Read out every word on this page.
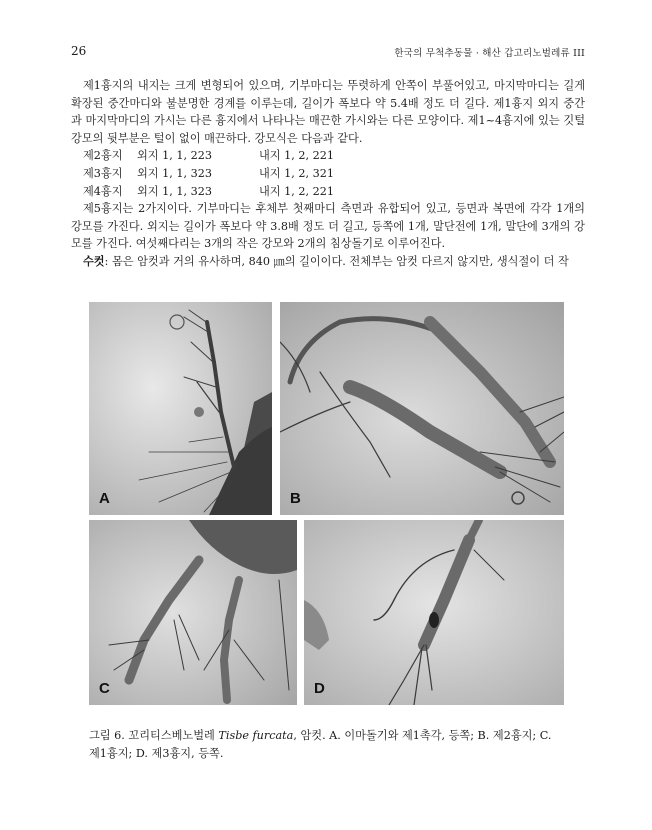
26	한국의 무척추동물 · 해산 갑고리노벌레류 III

제1흉지의 내지는 크게 변형되어 있으며, 기부마디는 뚜렷하게 안쪽이 부풀어있고, 마지막마디는 길게 확장된 중간마디와 불분명한 경계를 이루는데, 길이가 폭보다 약 5.4배 정도 더 길다. 제1흉지 외지 중간과 마지막마디의 가시는 다른 흉지에서 나타나는 매끈한 가시와는 다른 모양이다. 제1~4흉지에 있는 깃털강모의 뒷부분은 털이 없이 매끈하다. 강모식은 다음과 같다.

제2흉지 외지 1, 1, 223	내지 1, 2, 221
제3흉지 외지 1, 1, 323	내지 1, 2, 321
제4흉지 외지 1, 1, 323	내지 1, 2, 221

제5흉지는 2가지이다. 기부마디는 후체부 첫째마디 측면과 유합되어 있고, 등면과 복면에 각각 1개의 강모를 가진다. 외지는 길이가 폭보다 약 3.8배 정도 더 길고, 등쪽에 1개, 말단전에 1개, 말단에 3개의 강모를 가진다. 여섯째다리는 3개의 작은 강모와 2개의 침상돌기로 이루어진다.

수컷: 몸은 암컷과 거의 유사하며, 840 ㎛의 길이이다. 전체부는 암컷 다르지 않지만, 생식절이 더 작

A	B
C	D
그림 6. 꼬리티스베노벌레 Tisbe furcata, 암컷. A. 이마돌기와 제1촉각, 등쪽; B. 제2흉지; C. 제1흉지; D. 제3흉지, 등쪽.
